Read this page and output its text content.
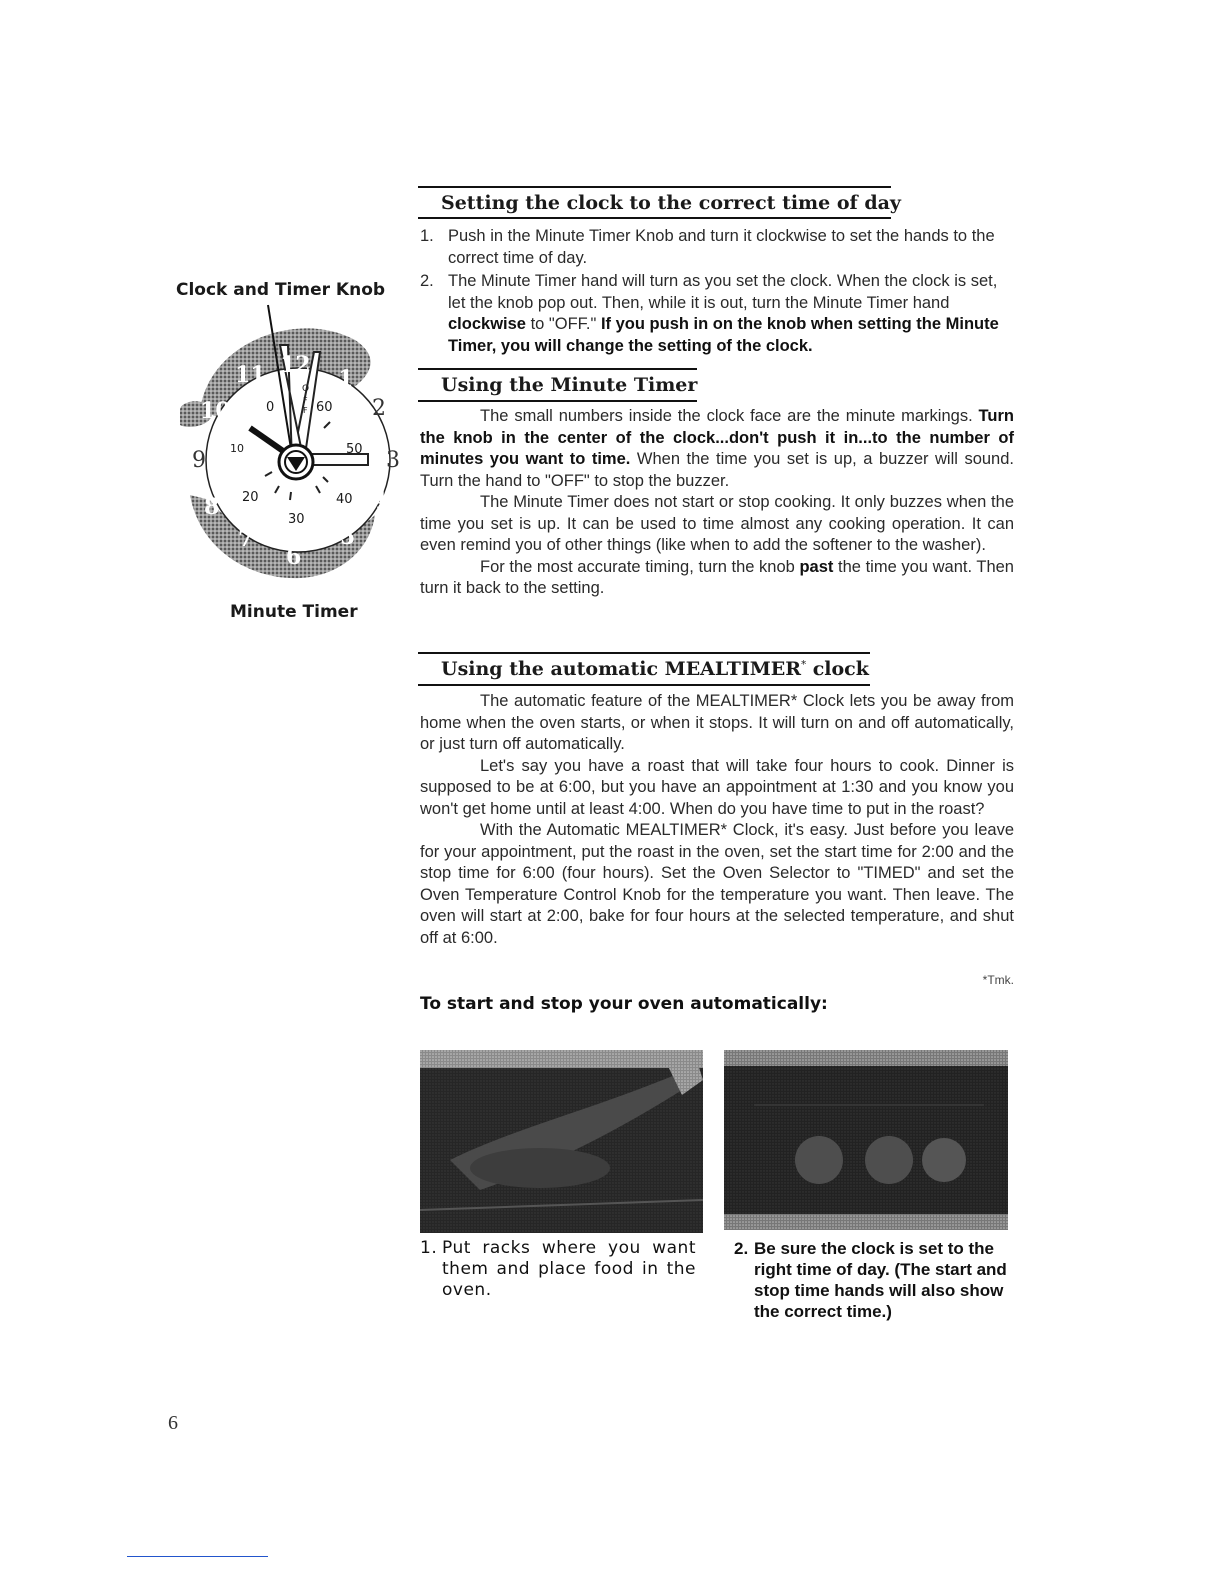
Clock and Timer Knob
10
11 12
1
2
3
4
5
6
7
8
9
0	60
50
40
30
20
10
O
F
F
Minute Timer
Setting the clock to the correct time of day
1. Push in the Minute Timer Knob and turn it clockwise to set the hands to the correct time of day.
2. The Minute Timer hand will turn as you set the clock. When the clock is set, let the knob pop out. Then, while it is out, turn the Minute Timer hand clockwise to "OFF." If you push in on the knob when setting the Minute Timer, you will change the setting of the clock.
Using the Minute Timer

The small numbers inside the clock face are the minute markings. Turn the knob in the center of the clock...don't push it in...to the number of minutes you want to time. When the time you set is up, a buzzer will sound. Turn the hand to "OFF" to stop the buzzer.

The Minute Timer does not start or stop cooking. It only buzzes when the time you set is up. It can be used to time almost any cooking operation. It can even remind you of other things (like when to add the softener to the washer).

For the most accurate timing, turn the knob past the time you want. Then turn it back to the setting.

Using the automatic MEALTIMER* clock

The automatic feature of the MEALTIMER* Clock lets you be away from home when the oven starts, or when it stops. It will turn on and off automatically, or just turn off automatically.

Let's say you have a roast that will take four hours to cook. Dinner is supposed to be at 6:00, but you have an appointment at 1:30 and you know you won't get home until at least 4:00. When do you have time to put in the roast?

With the Automatic MEALTIMER* Clock, it's easy. Just before you leave for your appointment, put the roast in the oven, set the start time for 2:00 and the stop time for 6:00 (four hours). Set the Oven Selector to "TIMED" and set the Oven Temperature Control Knob for the temperature you want. Then leave. The oven will start at 2:00, bake for four hours at the selected temperature, and shut off at 6:00.

*Tmk.
To start and stop your oven automatically:
1. Put racks where you want them and place food in the oven.
2. Be sure the clock is set to the right time of day. (The start and stop time hands will also show the correct time.)
6
